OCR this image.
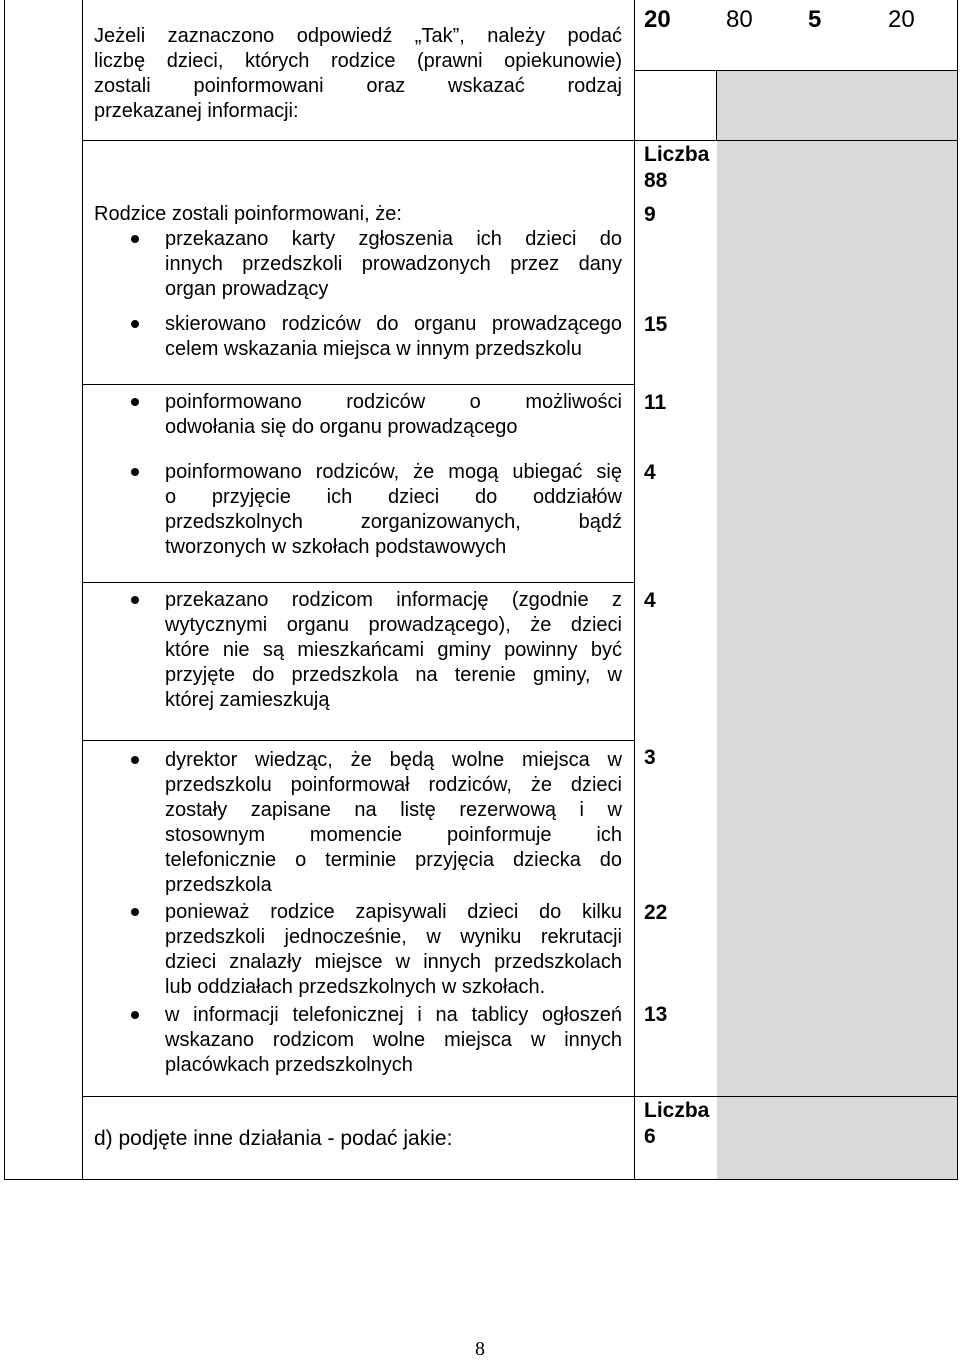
20 80 5	20

Jeżeli zaznaczono odpowiedź „Tak”, należy podać

liczbę dzieci, których rodzice (prawni opiekunowie)

zostali poinformowani oraz wskazać rodzaj

przekazanej informacji:

Liczba
88

Rodzice zostali poinformowani, że:

przekazano karty zgłoszenia ich dzieci do

innych przedszkoli prowadzonych przez dany

organ prowadzący

9

skierowano rodziców do organu prowadzącego

celem wskazania miejsca w innym przedszkolu

15

poinformowano rodziców o możliwości

odwołania się do organu prowadzącego

11

poinformowano rodziców, że mogą ubiegać się

o przyjęcie ich dzieci do oddziałów

przedszkolnych zorganizowanych, bądź

tworzonych w szkołach podstawowych

4

przekazano rodzicom informację (zgodnie z

wytycznymi organu prowadzącego), że dzieci

które nie są mieszkańcami gminy powinny być

przyjęte do przedszkola na terenie gminy, w

której zamieszkują

4

dyrektor wiedząc, że będą wolne miejsca w

przedszkolu poinformował rodziców, że dzieci

zostały zapisane na listę rezerwową i w

stosownym momencie poinformuje ich

telefonicznie o terminie przyjęcia dziecka do

przedszkola

3

ponieważ rodzice zapisywali dzieci do kilku

przedszkoli jednocześnie, w wyniku rekrutacji

dzieci znalazły miejsce w innych przedszkolach

lub oddziałach przedszkolnych w szkołach.

22

w informacji telefonicznej i na tablicy ogłoszeń

wskazano rodzicom wolne miejsca w innych

placówkach przedszkolnych

13

d) podjęte inne działania - podać jakie:

Liczba
6
8
